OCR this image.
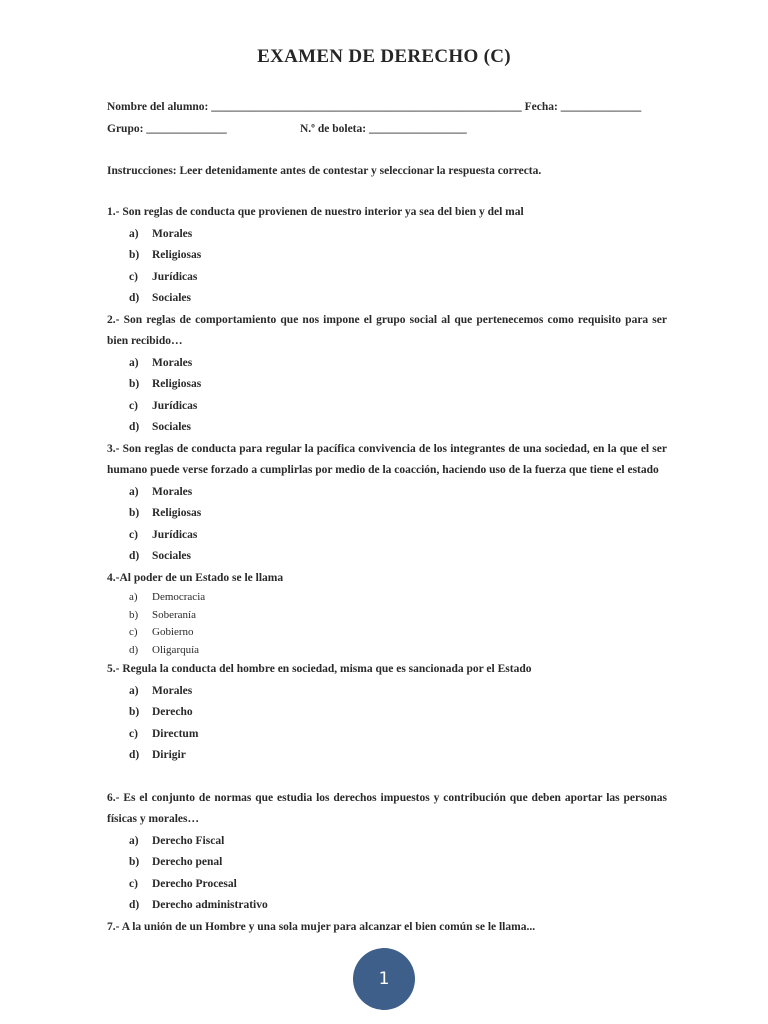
EXAMEN DE DERECHO (C)
Nombre del alumno: ______________________________________________________ Fecha: ______________
Grupo: ______________	N.º de boleta: _________________
Instrucciones: Leer detenidamente antes de contestar y seleccionar la respuesta correcta.
1.- Son reglas de conducta que provienen de nuestro interior ya sea del bien y del mal
a)	Morales
b)	Religiosas
c)	Jurídicas
d)	Sociales
2.- Son reglas de comportamiento que nos impone el grupo social al que pertenecemos como requisito para ser bien recibido…
a)	Morales
b)	Religiosas
c)	Jurídicas
d)	Sociales
3.- Son reglas de conducta para regular la pacífica convivencia de los integrantes de una sociedad, en la que el ser humano puede verse forzado a cumplirlas por medio de la coacción, haciendo uso de la fuerza que tiene el estado
a)	Morales
b)	Religiosas
c)	Jurídicas
d)	Sociales
4.-Al poder de un Estado se le llama
a)	Democracia
b)	Soberanía
c)	Gobierno
d)	Oligarquía
5.- Regula la conducta del hombre en sociedad, misma que es sancionada por el Estado
a)	Morales
b)	Derecho
c)	Directum
d)	Dirigir
6.- Es el conjunto de normas que estudia los derechos impuestos y contribución que deben aportar las personas físicas y morales…
a)	Derecho Fiscal
b)	Derecho penal
c)	Derecho Procesal
d)	Derecho administrativo
7.- A la unión de un Hombre y una sola mujer para alcanzar el bien común se le llama...
1
